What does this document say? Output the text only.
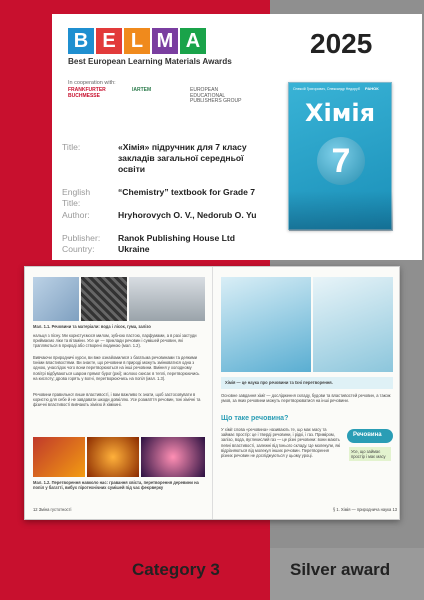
B E L M A
Best European Learning Materials Awards
In cooperation with:
FRANKFURTER BUCHMESSE
IARTEM	EUROPEAN EDUCATIONAL PUBLISHERS GROUP
2025
Title:	«Хімія» підручник для 7 класу закладів загальної середньої освіти
English Title:
“Chemistry” textbook for Grade 7
Author:	Hryhorovych O. V., Nedorub O. Yu
Publisher: Ranok Publishing House Ltd
Country:	Ukraine
Олексій Григорович, Олександр Недоруб	РАНОК
Хімія
7
Мал. 1.1. Речовини та матеріали: вода і лісок, гума, залізо
нальця з пісну. Ми користуємося милом, зубною пастою, парфумами, а в разі застуди приймаємо ліки та вітаміни. Усе це — приклади речовин і сумішей речовин, які трапляються в природі або створені людиною (мал. 1.2).
Вивчаючи природничі курси, ви вже ознайомилися з багатьма речовинами та деякими їхніми властивостями. Ви знаєте, що речовини в природі можуть змінюватися одна з одною, унаслідок чого вони перетворюються на інші речовини. Вміння у холодному повітрі відбуваються шаром прямої бурої (ржі); молоко скисає в теплі, перетворюючись на кислоту; дрова горять у вогні, перетворюючись на попіл (мал. 1.3).
Речовини правильної лише властивості, і вам важливо їх знати, щоб застосовувати в користю для себе й не завдавати шкоди довкіллю. Усе розмаїття речовин, їхні хімічні та фізичні властивості вивчають хімією й хімікині.
Мал. 1.2. Перетворення навколо нас: гравання хвіста, перетворення деревини на попіл у багатті, вибух піротехнічних сумішей під час феєрверку
12 Зміна густотності
Хімія — це наука про речовини та їхні перетворення.
Основне завдання хімії — дослідження складу, будови та властивостей речовин, а також умов, за яких речовини можуть перетворюватися на інші речовини.
Що таке речовина?
У хімії слова «речовина» називають те, що має масу та займає простір: це і тверді речовини, і рідкі, і газ. Приміром, залізо, вода, вуглекислий газ — це різні речовини: вони мають певні властивості, залежні від їхнього складу. Це молекули, які відрізняються від молекул інших речовин. Перетворення різних речовин не досліджуються у цьому уроці.
Речовина
Усе, що займає простір і має масу
§ 1. Хімія — природнича наука 13
Category 3	Silver award
